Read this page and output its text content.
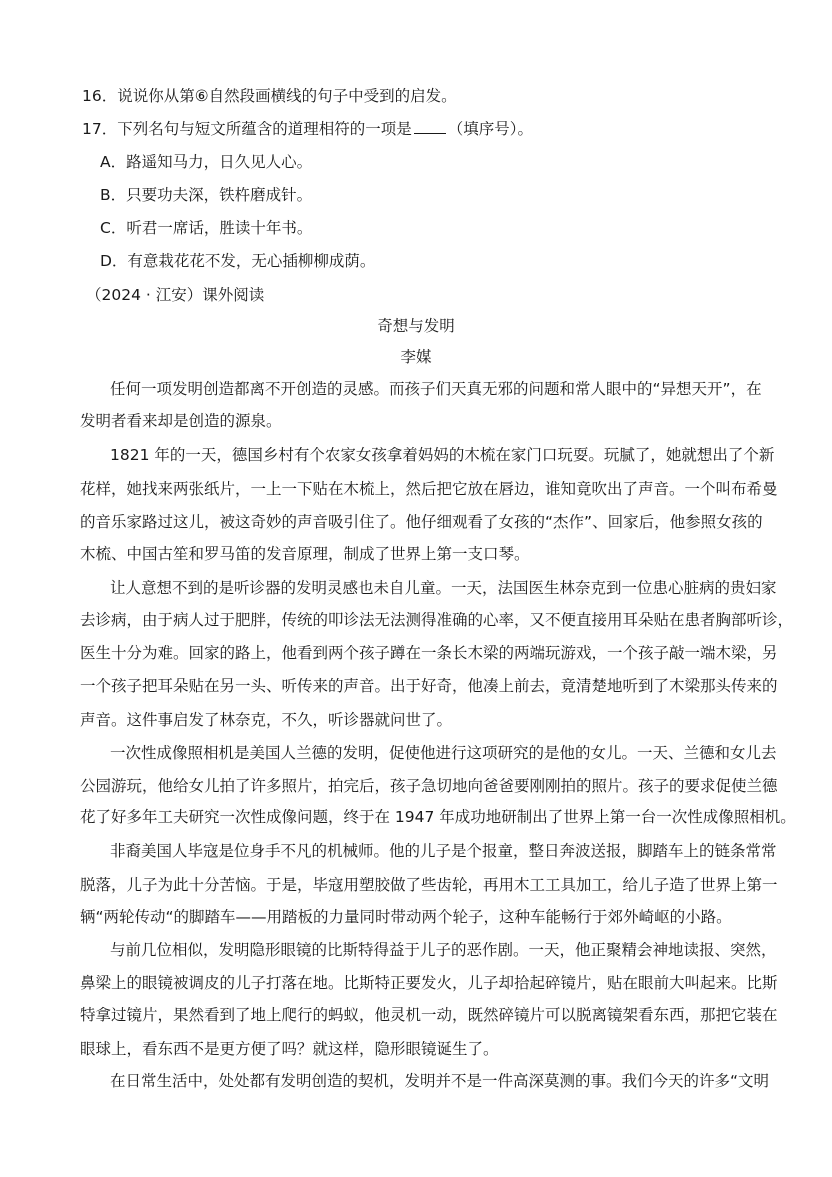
16．说说你从第⑥自然段画横线的句子中受到的启发。
17．下列名句与短文所蕴含的道理相符的一项是 （填序号）。
A．路遥知马力，日久见人心。
B．只要功夫深，铁杵磨成针。
C．听君一席话，胜读十年书。
D．有意栽花花不发，无心插柳柳成荫。
（2024 · 江安）课外阅读
奇想与发明
李媒
任何一项发明创造都离不开创造的灵感。而孩子们天真无邪的问题和常人眼中的“异想天开”，在
发明者看来却是创造的源泉。
1821 年的一天，德国乡村有个农家女孩拿着妈妈的木梳在家门口玩耍。玩腻了，她就想出了个新
花样，她找来两张纸片，一上一下贴在木梳上，然后把它放在唇边，谁知竟吹出了声音。一个叫布希曼
的音乐家路过这儿，被这奇妙的声音吸引住了。他仔细观看了女孩的“杰作”、回家后，他参照女孩的
木梳、中国古笙和罗马笛的发音原理，制成了世界上第一支口琴。
让人意想不到的是听诊器的发明灵感也未自儿童。一天，法国医生林奈克到一位患心脏病的贵妇家
去诊病，由于病人过于肥胖，传统的叩诊法无法测得准确的心率，又不便直接用耳朵贴在患者胸部听诊，
医生十分为难。回家的路上，他看到两个孩子蹲在一条长木梁的两端玩游戏，一个孩子敲一端木梁，另
一个孩子把耳朵贴在另一头、听传来的声音。出于好奇，他凑上前去，竟清楚地听到了木梁那头传来的
声音。这件事启发了林奈克，不久，听诊器就问世了。
一次性成像照相机是美国人兰德的发明，促使他进行这项研究的是他的女儿。一天、兰德和女儿去
公园游玩，他给女儿拍了许多照片，拍完后，孩子急切地向爸爸要刚刚拍的照片。孩子的要求促使兰德
花了好多年工夫研究一次性成像问题，终于在 1947 年成功地研制出了世界上第一台一次性成像照相机。
非裔美国人毕寇是位身手不凡的机械师。他的儿子是个报童，整日奔波送报，脚踏车上的链条常常
脱落，儿子为此十分苦恼。于是，毕寇用塑胶做了些齿轮，再用木工工具加工，给儿子造了世界上第一
辆“两轮传动“的脚踏车——用踏板的力量同时带动两个轮子，这种车能畅行于郊外崎岖的小路。
与前几位相似，发明隐形眼镜的比斯特得益于儿子的恶作剧。一天，他正聚精会神地读报、突然，
鼻梁上的眼镜被调皮的儿子打落在地。比斯特正要发火，儿子却拾起碎镜片，贴在眼前大叫起来。比斯
特拿过镜片，果然看到了地上爬行的蚂蚁，他灵机一动，既然碎镜片可以脱离镜架看东西，那把它装在
眼球上，看东西不是更方便了吗？就这样，隐形眼镜诞生了。
在日常生活中，处处都有发明创造的契机，发明并不是一件高深莫测的事。我们今天的许多“文明
